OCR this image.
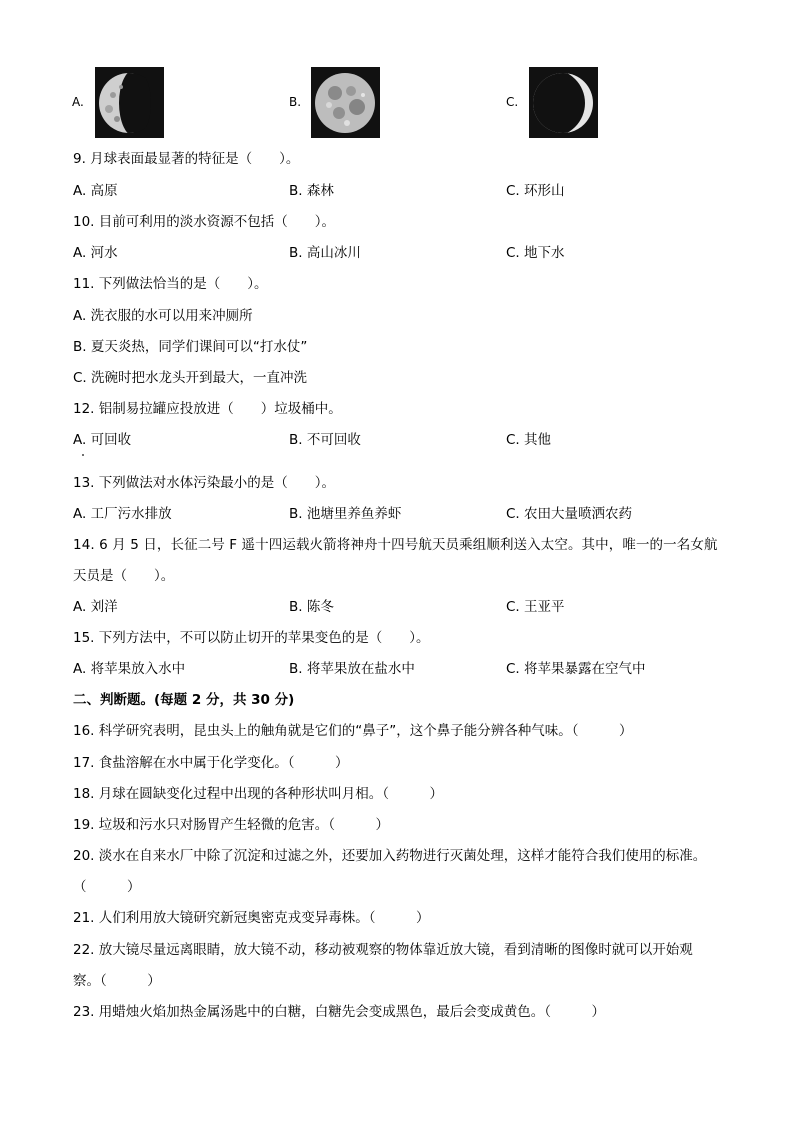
A.	B.	C.
9. 月球表面最显著的特征是（　　）。
A. 高原	B. 森林	C. 环形山
10. 目前可利用的淡水资源不包括（　　）。
A. 河水	B. 高山冰川	C. 地下水
11. 下列做法恰当的是（　　）。
A. 洗衣服的水可以用来冲厕所
B. 夏天炎热，同学们课间可以“打水仗”
C. 洗碗时把水龙头开到最大，一直冲洗
12. 铝制易拉罐应投放进（　　）垃圾桶中。
A. 可回收	B. 不可回收	C. 其他
13. 下列做法对水体污染最小的是（　　）。
A. 工厂污水排放	B. 池塘里养鱼养虾	C. 农田大量喷洒农药
14. 6 月 5 日，长征二号 F 遥十四运载火箭将神舟十四号航天员乘组顺利送入太空。其中，唯一的一名女航
天员是（　　）。
A. 刘洋	B. 陈冬	C. 王亚平
15. 下列方法中，不可以防止切开的苹果变色的是（　　）。
A. 将苹果放入水中	B. 将苹果放在盐水中	C. 将苹果暴露在空气中
二、判断题。(每题 2 分，共 30 分)
16. 科学研究表明，昆虫头上的触角就是它们的“鼻子”，这个鼻子能分辨各种气味。（　　　）
17. 食盐溶解在水中属于化学变化。（　　　）
18. 月球在圆缺变化过程中出现的各种形状叫月相。（　　　）
19. 垃圾和污水只对肠胃产生轻微的危害。（　　　）
20. 淡水在自来水厂中除了沉淀和过滤之外，还要加入药物进行灭菌处理，这样才能符合我们使用的标准。
（　　　）
21. 人们利用放大镜研究新冠奥密克戎变异毒株。（　　　）
22. 放大镜尽量远离眼睛，放大镜不动，移动被观察的物体靠近放大镜，看到清晰的图像时就可以开始观
察。（　　　）
23. 用蜡烛火焰加热金属汤匙中的白糖，白糖先会变成黑色，最后会变成黄色。（　　　）
